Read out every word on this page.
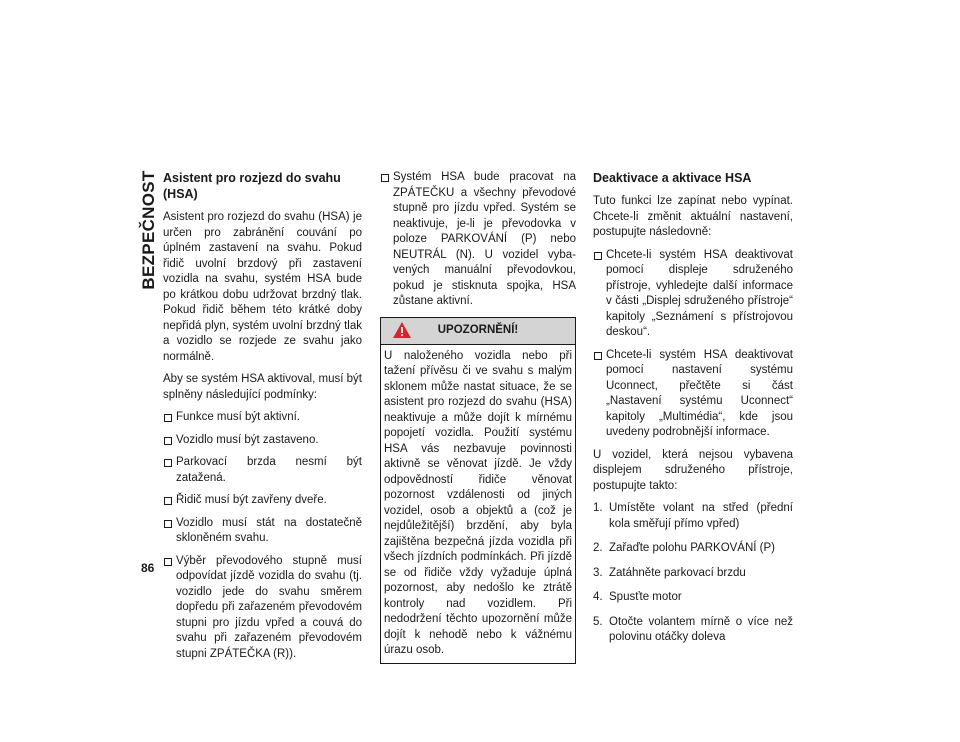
BEZPEČNOST
86
Asistent pro rozjezd do svahu (HSA)

Asistent pro rozjezd do svahu (HSA) je určen pro zabránění couvání po úplném zastavení na svahu. Pokud řidič uvolní brzdový při zastavení vozidla na svahu, systém HSA bude po krátkou dobu udržovat brzdný tlak. Pokud řidič během této krátké doby nepřidá plyn, systém uvolní brzdný tlak a vozidlo se rozjede ze svahu jako normálně.

Aby se systém HSA aktivoval, musí být splněny následující podmínky:

Funkce musí být aktivní.
Vozidlo musí být zastaveno.
Parkovací brzda nesmí být zatažená.
Řidič musí být zavřeny dveře.
Vozidlo musí stát na dostatečně skloněném svahu.
Výběr převodového stupně musí odpovídat jízdě vozidla do svahu (tj. vozidlo jede do svahu směrem dopředu při zařazeném převodovém stupni pro jízdu vpřed a couvá do svahu při zařazeném převodovém stupni ZPÁTEČKA (R)).
Systém HSA bude pracovat na ZPÁTEČKU a všechny převodové stupně pro jízdu vpřed. Systém se neaktivuje, je-li je převodovka v poloze PARKOVÁNÍ (P) nebo NEUTRÁL (N). U vozidel vybavených manuální převodovkou, pokud je stisknuta spojka, HSA zůstane aktivní.
UPOZORNĚNÍ!
U naloženého vozidla nebo při tažení přívěsu či ve svahu s malým sklonem může nastat situace, že se asistent pro rozjezd do svahu (HSA) neaktivuje a může dojít k mírnému popojetí vozidla. Použití systému HSA vás nezbavuje povinnosti aktivně se věnovat jízdě. Je vždy odpovědností řidiče věnovat pozornost vzdálenosti od jiných vozidel, osob a objektů a (což je nejdůležitější) brzdění, aby byla zajištěna bezpečná jízda vozidla při všech jízdních podmínkách. Při jízdě se od řidiče vždy vyžaduje úplná pozornost, aby nedošlo ke ztrátě kontroly nad vozidlem. Při nedodržení těchto upozornění může dojít k nehodě nebo k vážnému úrazu osob.
Deaktivace a aktivace HSA

Tuto funkci lze zapínat nebo vypínat. Chcete-li změnit aktuální nastavení, postupujte následovně:

Chcete-li systém HSA deaktivovat pomocí displeje sdruženého přístroje, vyhledejte další informace v části „Displej sdruženého přístroje“ kapitoly „Seznámení s přístrojovou deskou“.
Chcete-li systém HSA deaktivovat pomocí nastavení systému Uconnect, přečtěte si část „Nastavení systému Uconnect“ kapitoly „Multimédia“, kde jsou uvedeny podrobnější informace.

U vozidel, která nejsou vybavena displejem sdruženého přístroje, postupujte takto:

1. Umístěte volant na střed (přední kola směřují přímo vpřed)
2. Zařaďte polohu PARKOVÁNÍ (P)
3. Zatáhněte parkovací brzdu
4. Spusťte motor
5. Otočte volantem mírně o více než polovinu otáčky doleva
